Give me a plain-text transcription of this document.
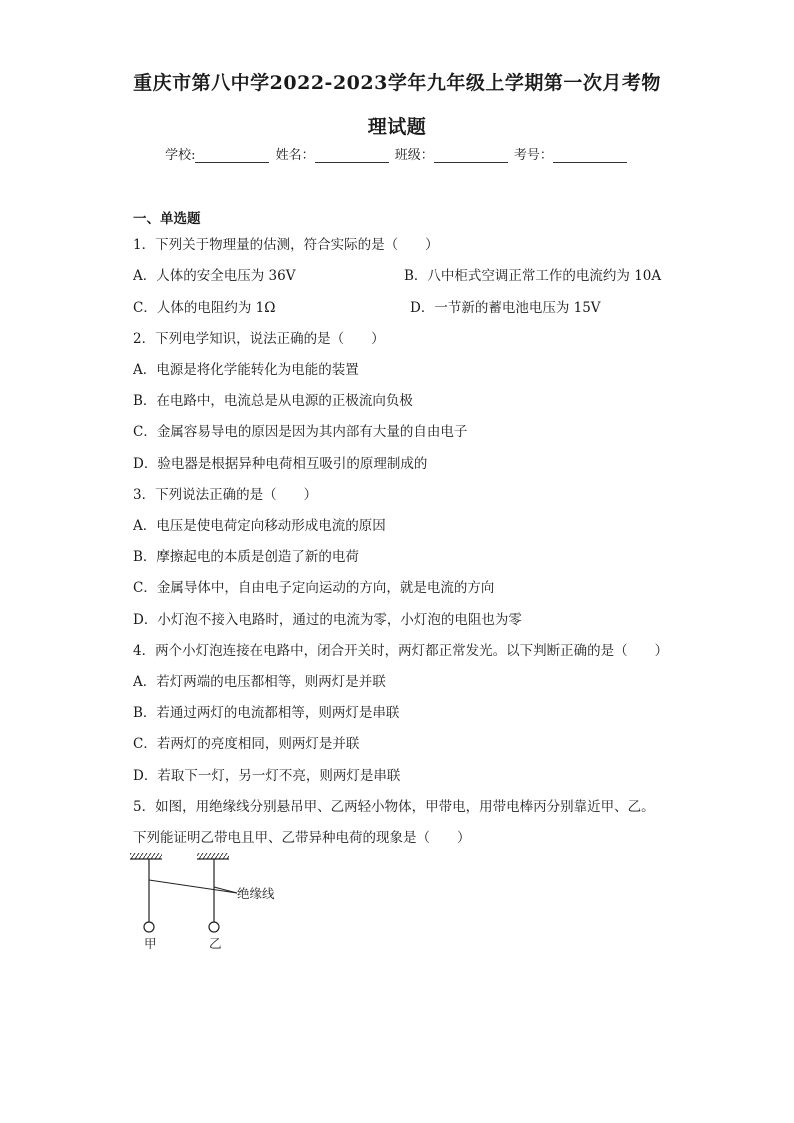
重庆市第八中学2022-2023学年九年级上学期第一次月考物
理试题
学校:	姓名：	班级：	考号：
一、单选题
1．下列关于物理量的估测，符合实际的是（　　）
A．人体的安全电压为 36V	B．八中柜式空调正常工作的电流约为 10A
C．人体的电阻约为 1Ω	D．一节新的蓄电池电压为 15V
2．下列电学知识，说法正确的是（　　）
A．电源是将化学能转化为电能的装置
B．在电路中，电流总是从电源的正极流向负极
C．金属容易导电的原因是因为其内部有大量的自由电子
D．验电器是根据异种电荷相互吸引的原理制成的
3．下列说法正确的是（　　）
A．电压是使电荷定向移动形成电流的原因
B．摩擦起电的本质是创造了新的电荷
C．金属导体中，自由电子定向运动的方向，就是电流的方向
D．小灯泡不接入电路时，通过的电流为零，小灯泡的电阻也为零
4．两个小灯泡连接在电路中，闭合开关时，两灯都正常发光。以下判断正确的是（　　）
A．若灯两端的电压都相等，则两灯是并联
B．若通过两灯的电流都相等，则两灯是串联
C．若两灯的亮度相同，则两灯是并联
D．若取下一灯，另一灯不亮，则两灯是串联
5．如图，用绝缘线分别悬吊甲、乙两轻小物体，甲带电，用带电棒丙分别靠近甲、乙。
下列能证明乙带电且甲、乙带异种电荷的现象是（　　）
绝缘线
甲	乙
